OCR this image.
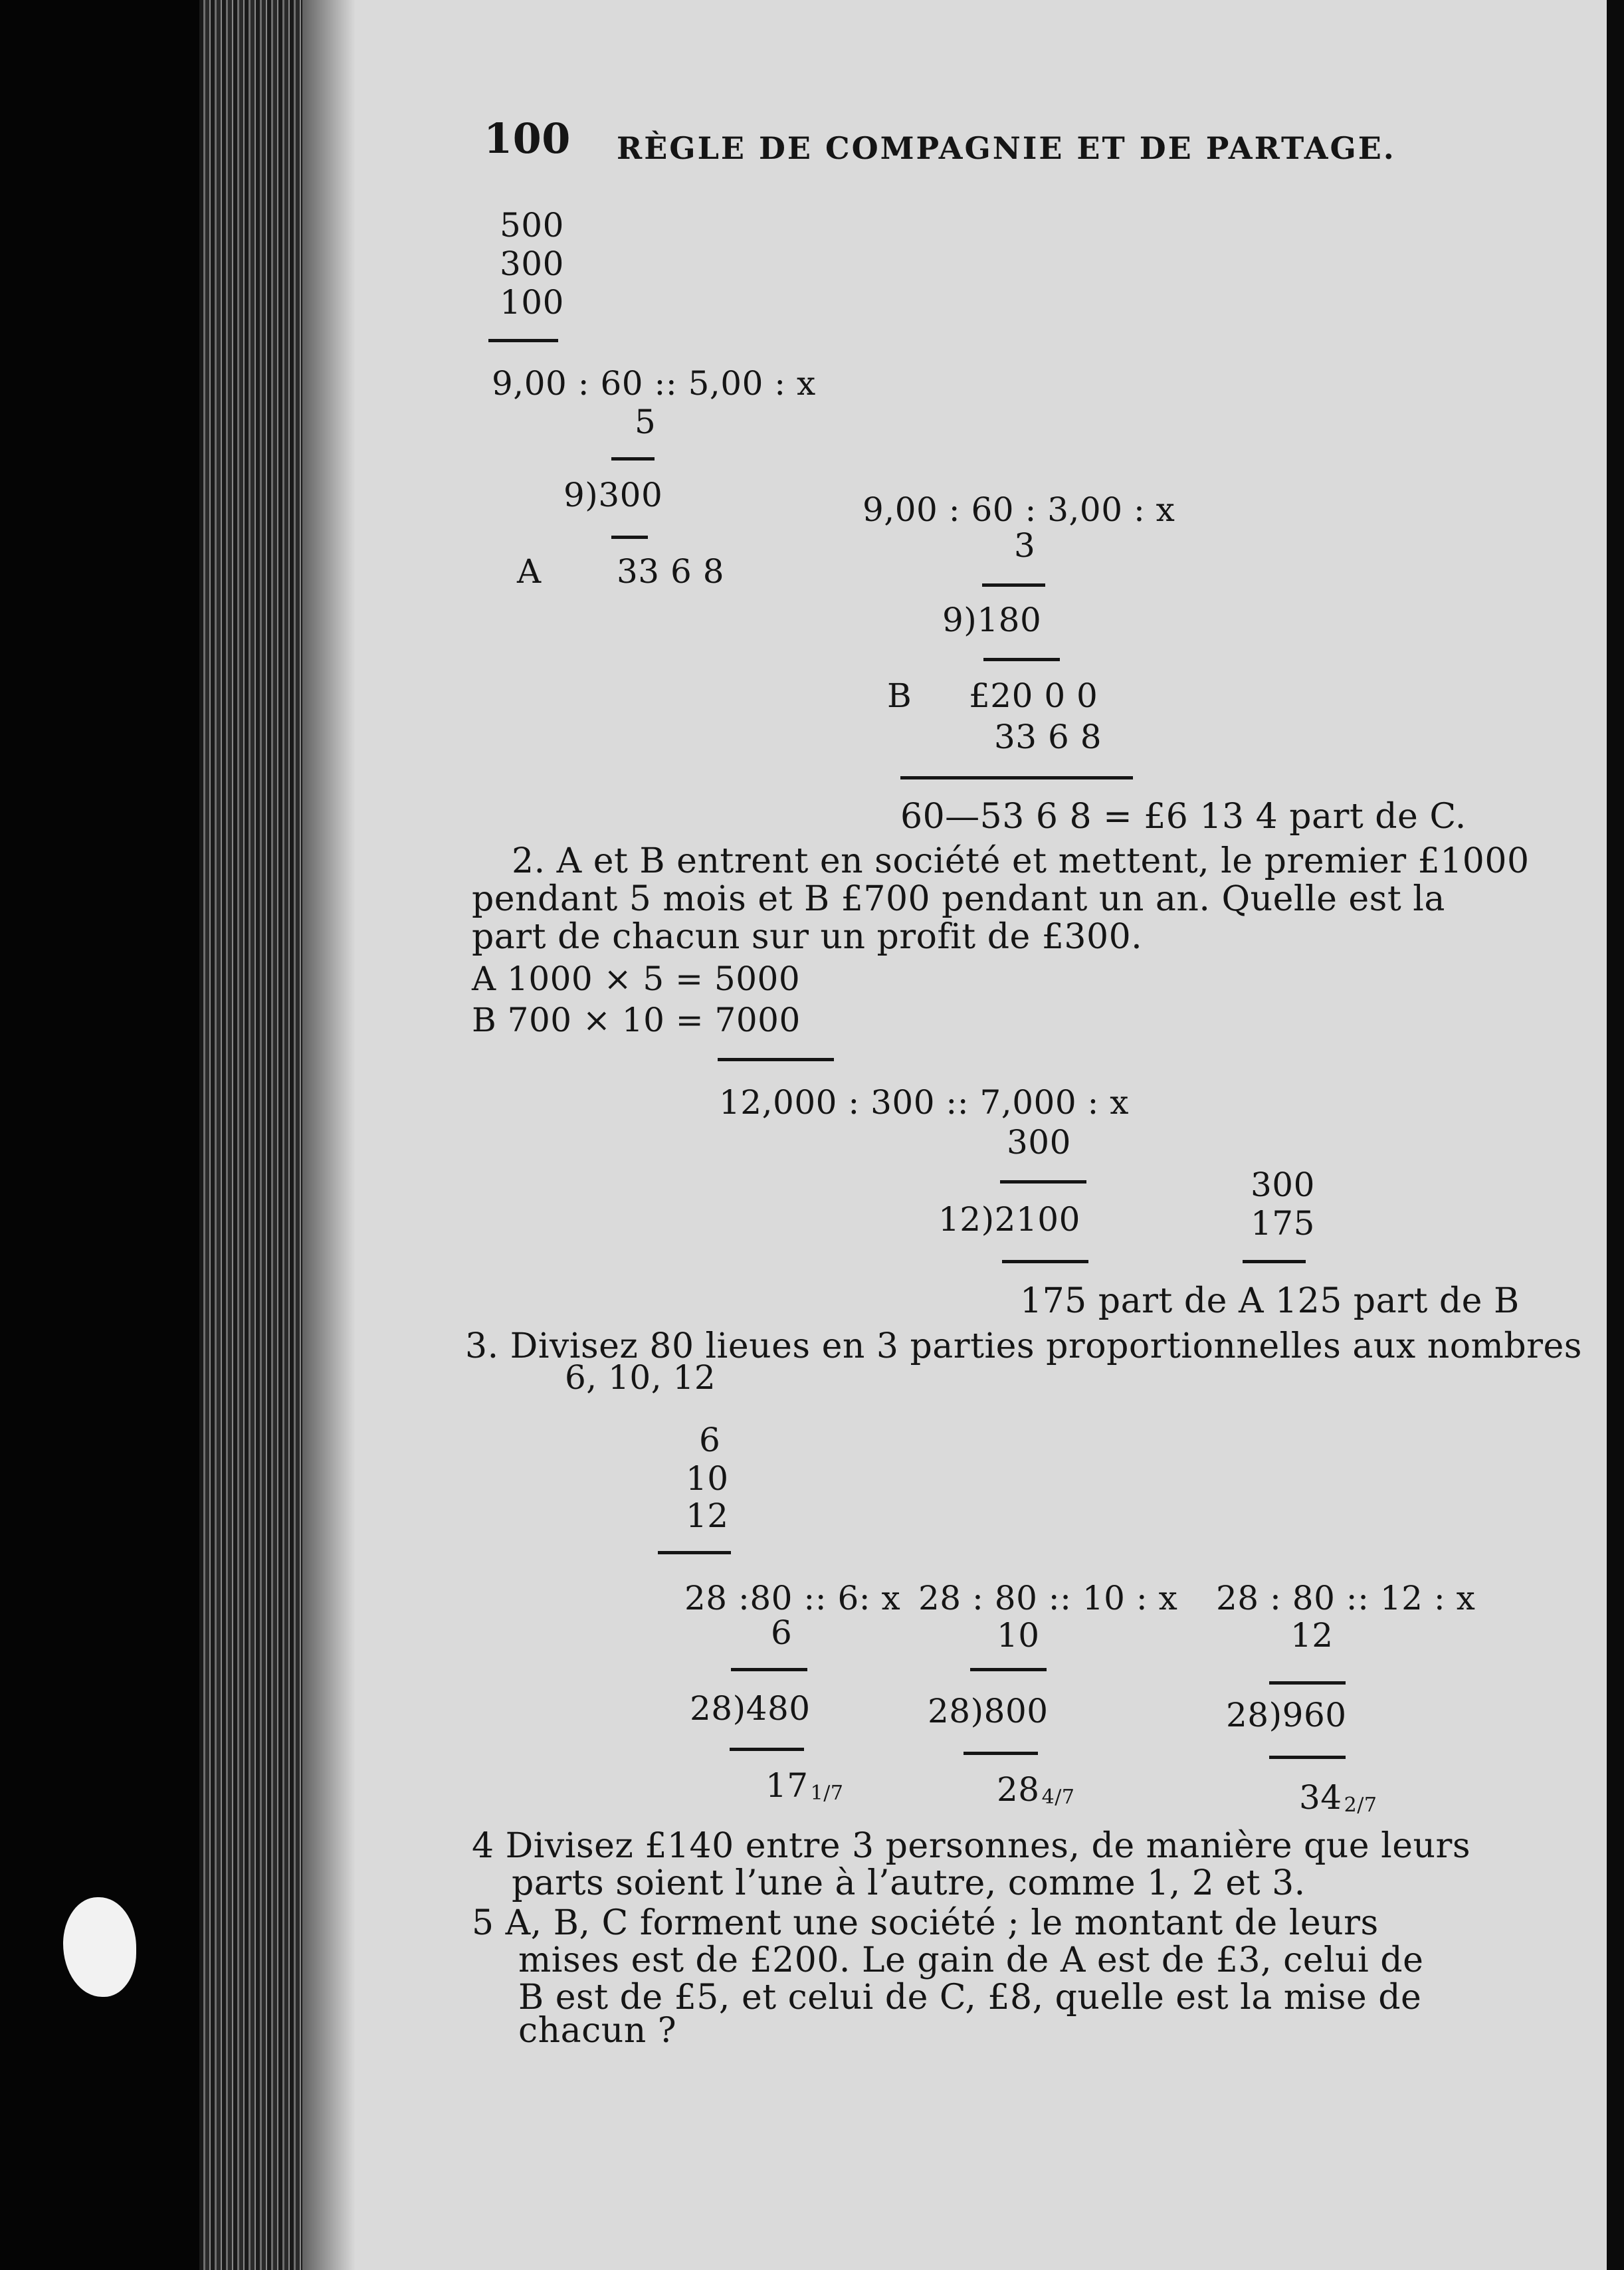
100 RÈGLE DE COMPAGNIE ET DE PARTAGE.
500
300
100
9,00 : 60 :: 5,00 : x
5
9)300
A 33 6 8
9,00 : 60 : 3,00 : x
3
9)180
B £20 0 0
33 6 8
60—53 6 8 = £6 13 4 part de C.
2. A et B entrent en société et mettent, le premier £1000
pendant 5 mois et B £700 pendant un an. Quelle est la
part de chacun sur un profit de £300.
A 1000 × 5 = 5000
B 700 × 10 = 7000
12,000 : 300 :: 7,000 : x
300
12)2100
300
175
175 part de A 125 part de B
3. Divisez 80 lieues en 3 parties proportionnelles aux nombres
6, 10, 12
6
10
12
28 :80 :: 6: x 28 : 80 :: 10 : x 28 : 80 :: 12 : x
6	10	12
28)480	28)800	28)960
17 1/7	28 4/7	34 2/7
4 Divisez £140 entre 3 personnes, de manière que leurs
parts soient l’une à l’autre, comme 1, 2 et 3.
5 A, B, C forment une société ; le montant de leurs
mises est de £200. Le gain de A est de £3, celui de
B est de £5, et celui de C, £8, quelle est la mise de
chacun ?
